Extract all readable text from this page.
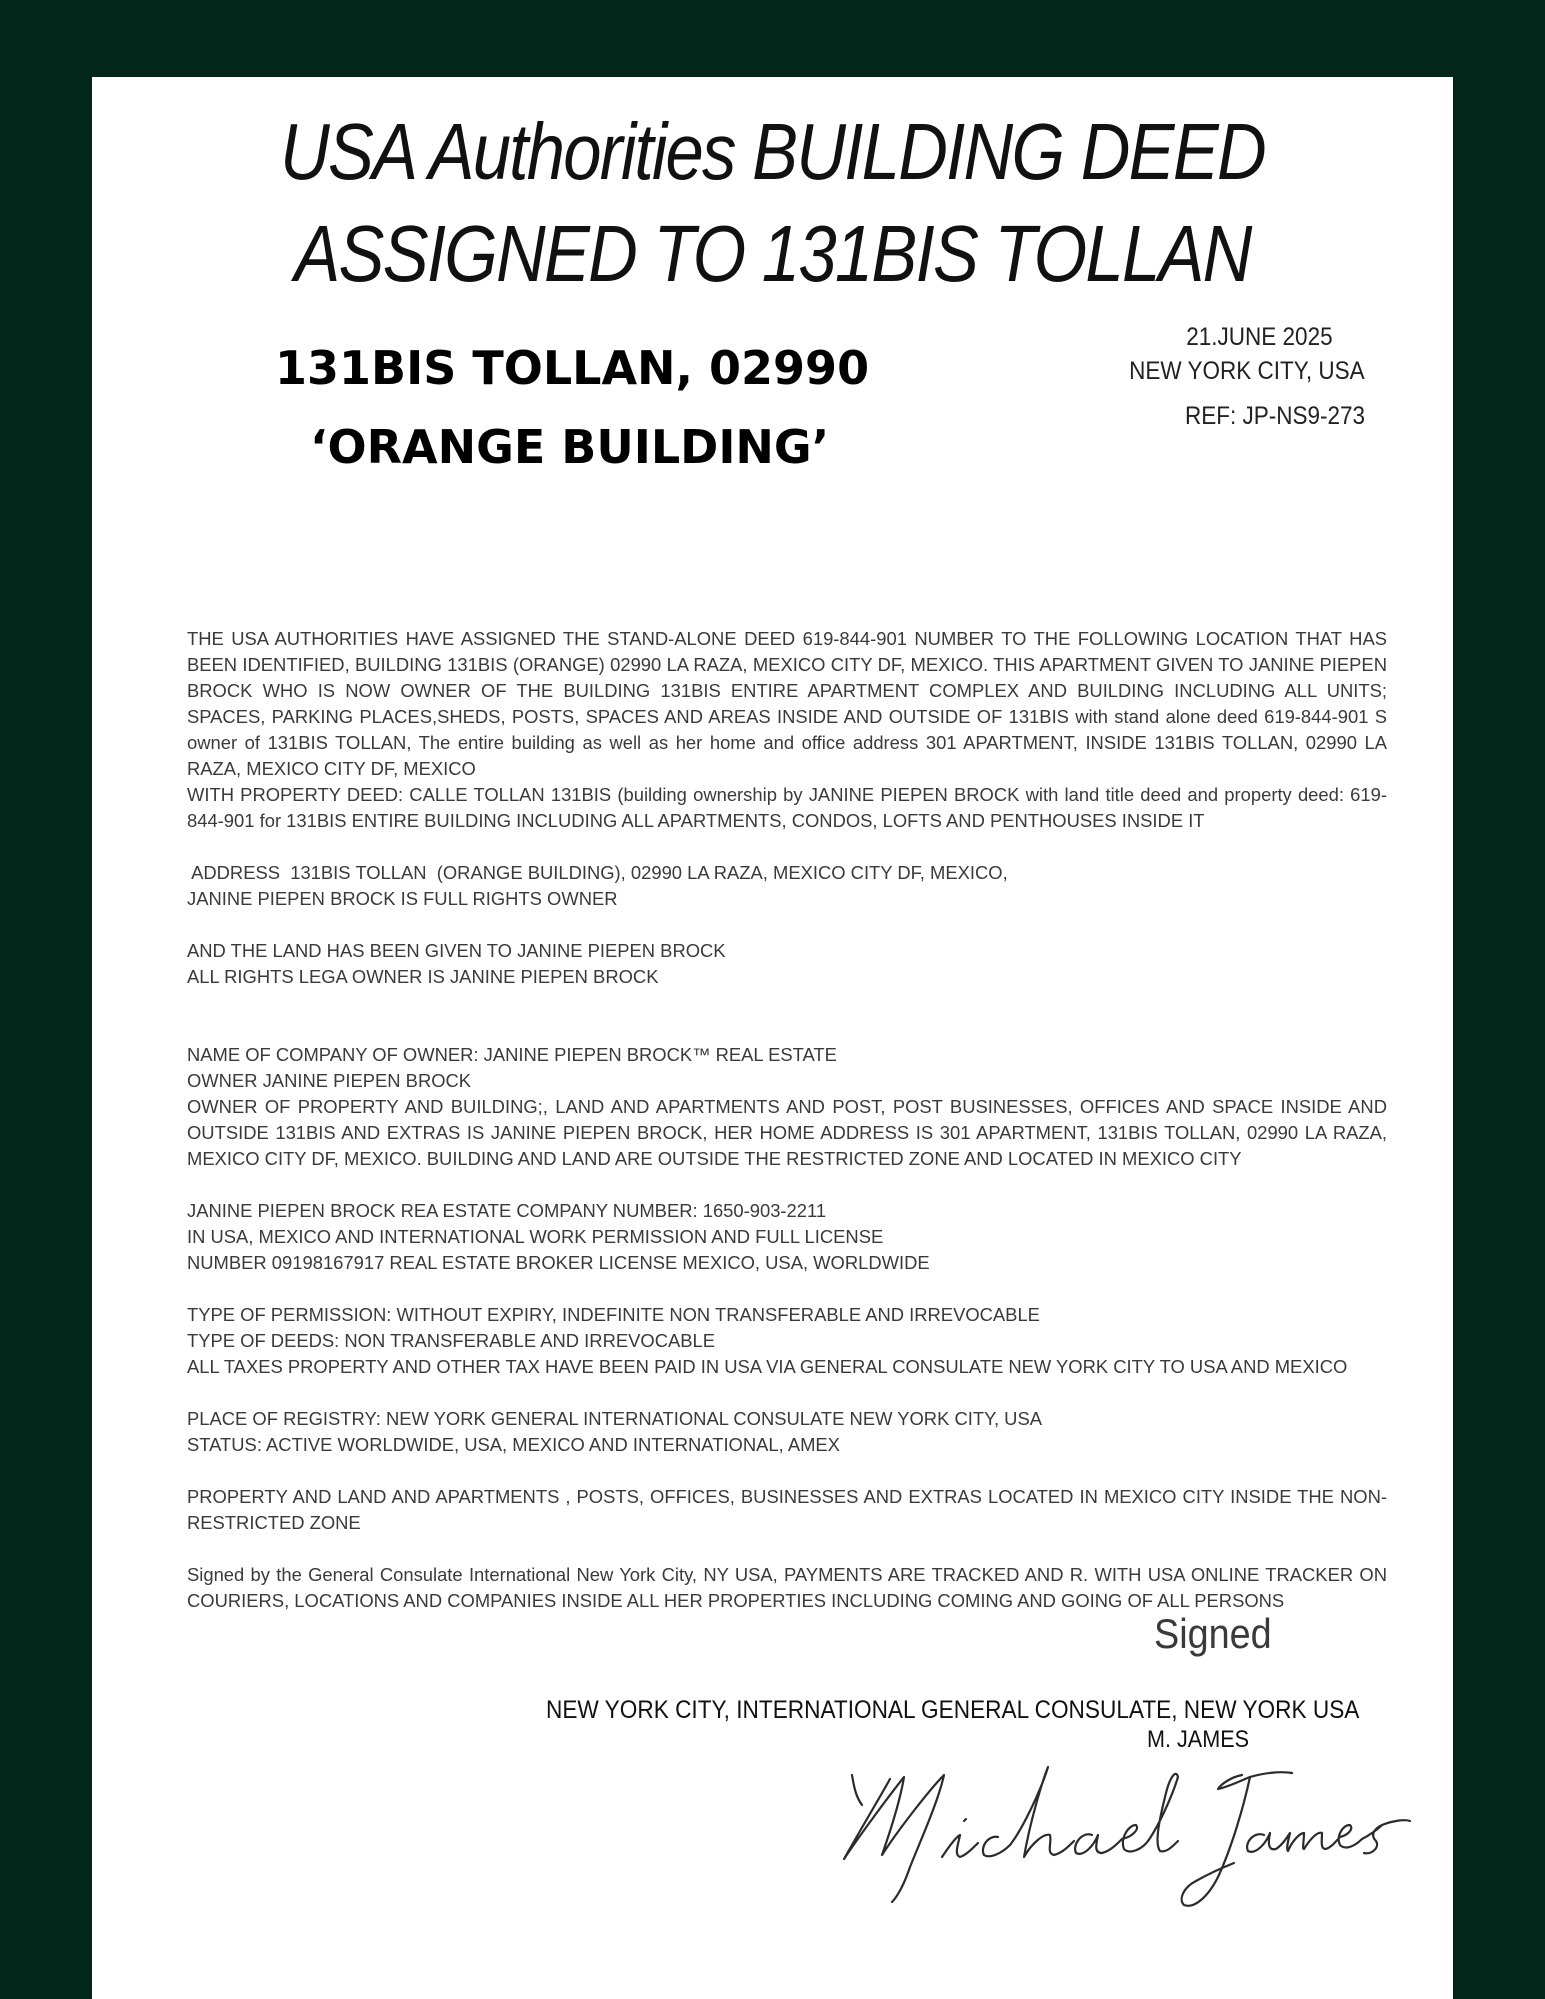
USA Authorities BUILDING DEED
ASSIGNED TO 131BIS TOLLAN
131BIS TOLLAN, 02990
‘ORANGE BUILDING’
21.JUNE 2025
NEW YORK CITY, USA
REF: JP-NS9-273

THE USA AUTHORITIES HAVE ASSIGNED THE STAND-ALONE DEED 619-844-901 NUMBER TO THE FOLLOWING LOCATION THAT HAS BEEN IDENTIFIED, BUILDING 131BIS (ORANGE) 02990 LA RAZA, MEXICO CITY DF, MEXICO. THIS APARTMENT GIVEN TO JANINE PIEPEN BROCK WHO IS NOW OWNER OF THE BUILDING 131BIS ENTIRE APARTMENT COMPLEX AND BUILDING INCLUDING ALL UNITS; SPACES, PARKING PLACES,SHEDS, POSTS, SPACES AND AREAS INSIDE AND OUTSIDE OF 131BIS with stand alone deed 619-844-901 S owner of 131BIS TOLLAN, The entire building as well as her home and office address 301 APARTMENT, INSIDE 131BIS TOLLAN, 02990 LA RAZA, MEXICO CITY DF, MEXICO

WITH PROPERTY DEED: CALLE TOLLAN 131BIS (building ownership by JANINE PIEPEN BROCK with land title deed and property deed: 619-844-901 for 131BIS ENTIRE BUILDING INCLUDING ALL APARTMENTS, CONDOS, LOFTS AND PENTHOUSES INSIDE IT

ADDRESS  131BIS TOLLAN  (ORANGE BUILDING), 02990 LA RAZA, MEXICO CITY DF, MEXICO,

JANINE PIEPEN BROCK IS FULL RIGHTS OWNER

AND THE LAND HAS BEEN GIVEN TO JANINE PIEPEN BROCK

ALL RIGHTS LEGA OWNER IS JANINE PIEPEN BROCK

NAME OF COMPANY OF OWNER: JANINE PIEPEN BROCK™ REAL ESTATE

OWNER JANINE PIEPEN BROCK

OWNER OF PROPERTY AND BUILDING;, LAND AND APARTMENTS AND POST, POST BUSINESSES, OFFICES AND SPACE INSIDE AND OUTSIDE 131BIS AND EXTRAS IS JANINE PIEPEN BROCK, HER HOME ADDRESS IS 301 APARTMENT, 131BIS TOLLAN, 02990 LA RAZA, MEXICO CITY DF, MEXICO. BUILDING AND LAND ARE OUTSIDE THE RESTRICTED ZONE AND LOCATED IN MEXICO CITY

JANINE PIEPEN BROCK REA ESTATE COMPANY NUMBER: 1650-903-2211

IN USA, MEXICO AND INTERNATIONAL WORK PERMISSION AND FULL LICENSE

NUMBER 09198167917 REAL ESTATE BROKER LICENSE MEXICO, USA, WORLDWIDE

TYPE OF PERMISSION: WITHOUT EXPIRY, INDEFINITE NON TRANSFERABLE AND IRREVOCABLE

TYPE OF DEEDS: NON TRANSFERABLE AND IRREVOCABLE

ALL TAXES PROPERTY AND OTHER TAX HAVE BEEN PAID IN USA VIA GENERAL CONSULATE NEW YORK CITY TO USA AND MEXICO

PLACE OF REGISTRY: NEW YORK GENERAL INTERNATIONAL CONSULATE NEW YORK CITY, USA

STATUS: ACTIVE WORLDWIDE, USA, MEXICO AND INTERNATIONAL, AMEX

PROPERTY AND LAND AND APARTMENTS , POSTS, OFFICES, BUSINESSES AND EXTRAS LOCATED IN MEXICO CITY INSIDE THE NON-RESTRICTED ZONE

Signed by the General Consulate International New York City, NY USA, PAYMENTS ARE TRACKED AND R. WITH USA ONLINE TRACKER ON COURIERS, LOCATIONS AND COMPANIES INSIDE ALL HER PROPERTIES INCLUDING COMING AND GOING OF ALL PERSONS

Signed
NEW YORK CITY, INTERNATIONAL GENERAL CONSULATE, NEW YORK USA
M. JAMES
